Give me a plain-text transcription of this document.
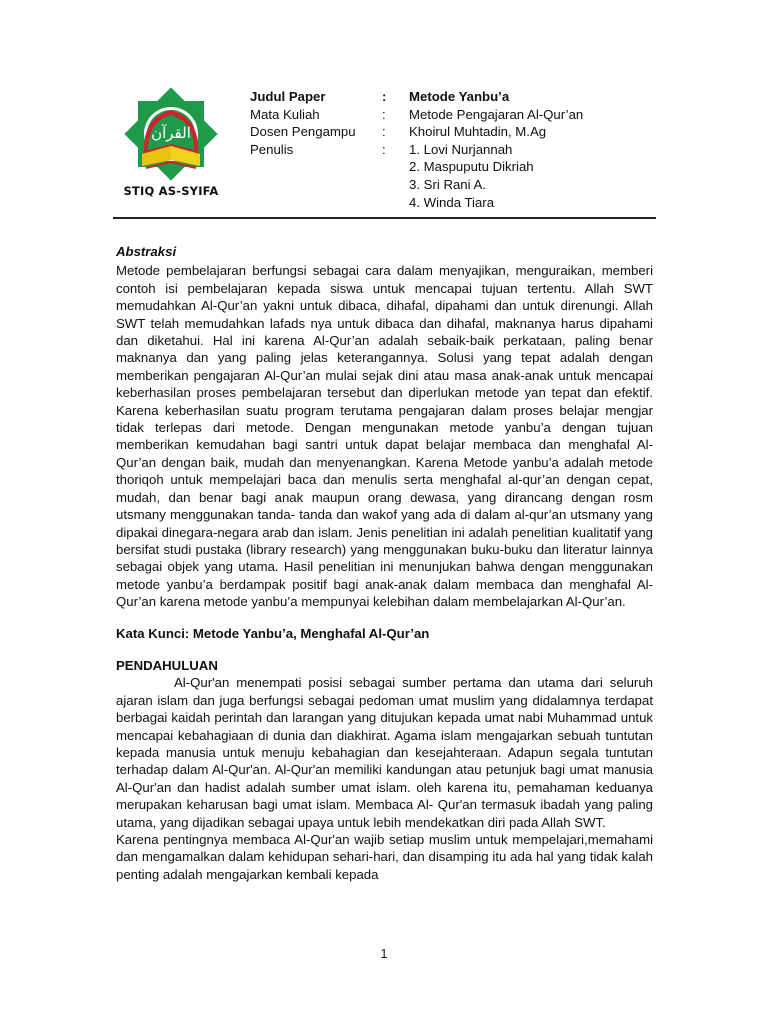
القرآن
STIQ AS-SYIFA
Judul Paper	:	Metode Yanbu’a
Mata Kuliah	:	Metode Pengajaran Al-Qur’an
Dosen Pengampu	:	Khoirul Muhtadin, M.Ag
Penulis	:	1. Lovi Nurjannah
2. Maspuputu Dikriah
3. Sri Rani A.
4. Winda Tiara

Abstraksi

Metode pembelajaran berfungsi sebagai cara dalam menyajikan, menguraikan, memberi contoh isi pembelajaran kepada siswa untuk mencapai tujuan tertentu. Allah SWT memudahkan Al-Qur’an yakni untuk dibaca, dihafal, dipahami dan untuk direnungi. Allah SWT telah memudahkan lafads nya untuk dibaca dan dihafal, maknanya harus dipahami dan diketahui. Hal ini karena Al-Qur’an adalah sebaik-baik perkataan, paling benar maknanya dan yang paling jelas keterangannya. Solusi yang tepat adalah dengan memberikan pengajaran Al-Qur’an mulai sejak dini atau masa anak-anak untuk mencapai keberhasilan proses pembelajaran tersebut dan diperlukan metode yan tepat dan efektif. Karena keberhasilan suatu program terutama pengajaran dalam proses belajar mengjar tidak terlepas dari metode. Dengan mengunakan metode yanbu’a dengan tujuan memberikan kemudahan bagi santri untuk dapat belajar membaca dan menghafal Al-Qur’an dengan baik, mudah dan menyenangkan. Karena Metode yanbu’a adalah metode thoriqoh untuk mempelajari baca dan menulis serta menghafal al-qur’an dengan cepat, mudah, dan benar bagi anak maupun orang dewasa, yang dirancang dengan rosm utsmany menggunakan tanda- tanda dan wakof yang ada di dalam al-qur’an utsmany yang dipakai dinegara-negara arab dan islam. Jenis penelitian ini adalah penelitian kualitatif yang bersifat studi pustaka (library research) yang menggunakan buku-buku dan literatur lainnya sebagai objek yang utama. Hasil penelitian ini menunjukan bahwa dengan menggunakan metode yanbu’a berdampak positif bagi anak-anak dalam membaca dan menghafal Al-Qur’an karena metode yanbu’a mempunyai kelebihan dalam membelajarkan Al-Qur’an.

Kata Kunci: Metode Yanbu’a, Menghafal Al-Qur’an

PENDAHULUAN

Al-Qur'an menempati posisi sebagai sumber pertama dan utama dari seluruh ajaran islam dan juga berfungsi sebagai pedoman umat muslim yang didalamnya terdapat berbagai kaidah perintah dan larangan yang ditujukan kepada umat nabi Muhammad untuk mencapai kebahagiaan di dunia dan diakhirat. Agama islam mengajarkan sebuah tuntutan kepada manusia untuk menuju kebahagian dan kesejahteraan. Adapun segala tuntutan terhadap dalam Al-Qur'an. Al-Qur'an memiliki kandungan atau petunjuk bagi umat manusia Al-Qur'an dan hadist adalah sumber umat islam. oleh karena itu, pemahaman keduanya merupakan keharusan bagi umat islam. Membaca Al- Qur'an termasuk ibadah yang paling utama, yang dijadikan sebagai upaya untuk lebih mendekatkan diri pada Allah SWT.

Karena pentingnya membaca Al-Qur'an wajib setiap muslim untuk mempelajari,memahami dan mengamalkan dalam kehidupan sehari-hari, dan disamping itu ada hal yang tidak kalah penting adalah mengajarkan kembali kepada

1
